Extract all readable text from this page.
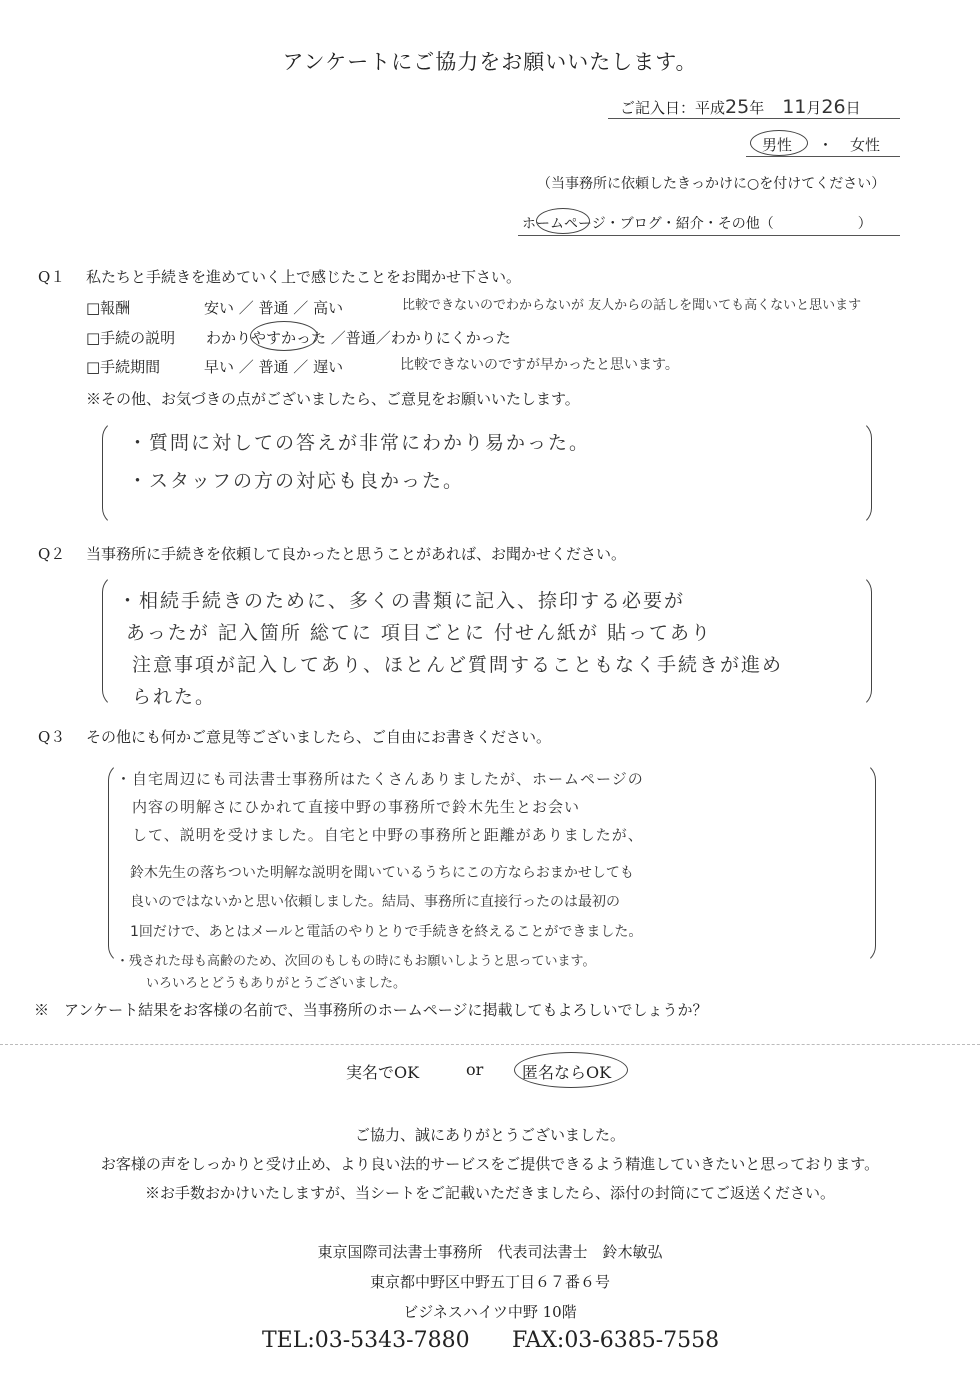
アンケートにご協力をお願いいたします。
ご記入日：平成25年 11月26日
男性 ・ 女性
（当事務所に依頼したきっかけに○を付けてください）
ホームページ・ブログ・紹介・その他（　　　　　　）
Q１ 私たちと手続きを進めていく上で感じたことをお聞かせ下さい。
□報酬	安い ／ 普通 ／ 高い	比較できないのでわからないが 友人からの話しを聞いても高くないと思います
□手続の説明 わかりやすかった ／普通／わかりにくかった
□手続期間	早い ／ 普通 ／ 遅い	比較できないのですが早かったと思います。
※その他、お気づきの点がございましたら、ご意見をお願いいたします。
・質問に対しての答えが非常にわかり易かった。
・スタッフの方の対応も良かった。
Q２ 当事務所に手続きを依頼して良かったと思うことがあれば、お聞かせください。
・相続手続きのために、多くの書類に記入、捺印する必要が
あったが 記入箇所 総てに 項目ごとに 付せん紙が 貼ってあり
注意事項が記入してあり、ほとんど質問することもなく手続きが進め
られた。
Q３ その他にも何かご意見等ございましたら、ご自由にお書きください。
・自宅周辺にも司法書士事務所はたくさんありましたが、ホームページの
内容の明解さにひかれて直接中野の事務所で鈴木先生とお会い
して、説明を受けました。自宅と中野の事務所と距離がありましたが、
鈴木先生の落ちついた明解な説明を聞いているうちにこの方ならおまかせしても
良いのではないかと思い依頼しました。結局、事務所に直接行ったのは最初の
1回だけで、あとはメールと電話のやりとりで手続きを終えることができました。
・残された母も高齢のため、次回のもしもの時にもお願いしようと思っています。
いろいろとどうもありがとうございました。
※　アンケート結果をお客様の名前で、当事務所のホームページに掲載してもよろしいでしょうか？
実名でOK	or 匿名ならOK
ご協力、誠にありがとうございました。
お客様の声をしっかりと受け止め、より良い法的サービスをご提供できるよう精進していきたいと思っております。
※お手数おかけいたしますが、当シートをご記載いただきましたら、添付の封筒にてご返送ください。
東京国際司法書士事務所　代表司法書士　鈴木敏弘
東京都中野区中野五丁目６７番６号
ビジネスハイツ中野 10階
TEL:03-5343-7880 FAX:03-6385-7558
